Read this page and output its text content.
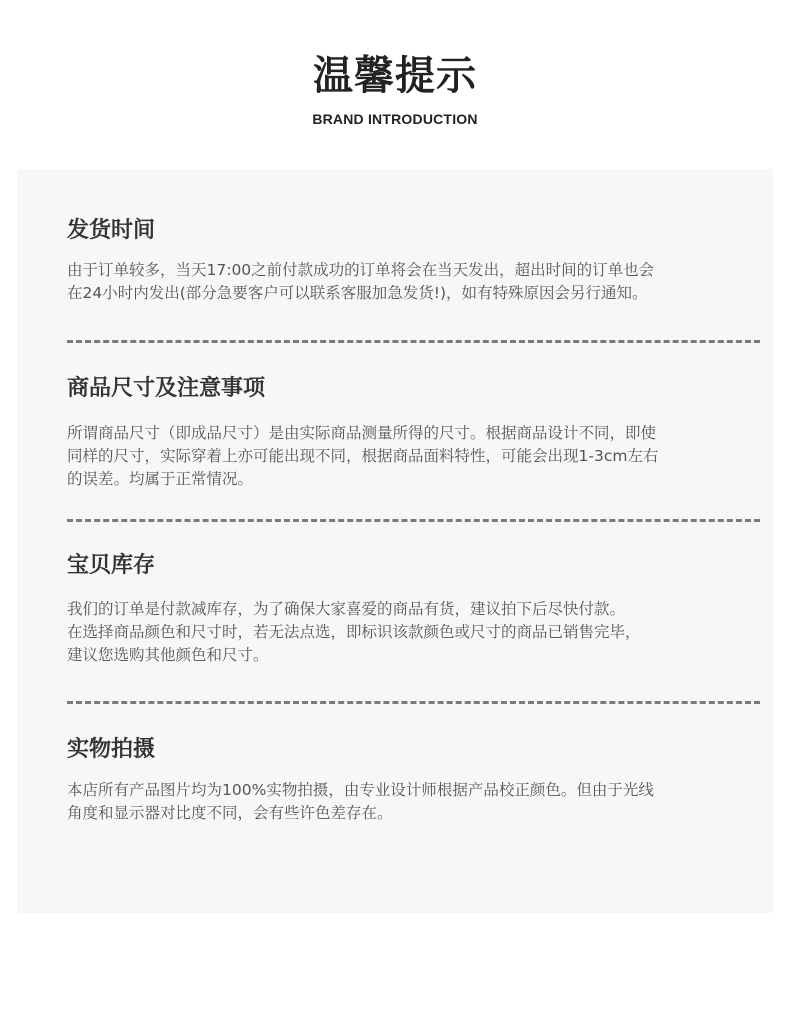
温馨提示
BRAND INTRODUCTION
发货时间
由于订单较多，当天17:00之前付款成功的订单将会在当天发出，超出时间的订单也会
在24小时内发出(部分急要客户可以联系客服加急发货!)，如有特殊原因会另行通知。
商品尺寸及注意事项
所谓商品尺寸（即成品尺寸）是由实际商品测量所得的尺寸。根据商品设计不同，即使
同样的尺寸，实际穿着上亦可能出现不同，根据商品面料特性，可能会出现1-3cm左右
的误差。均属于正常情况。
宝贝库存
我们的订单是付款减库存，为了确保大家喜爱的商品有货，建议拍下后尽快付款。
在选择商品颜色和尺寸时，若无法点选，即标识该款颜色或尺寸的商品已销售完毕，
建议您选购其他颜色和尺寸。
实物拍摄
本店所有产品图片均为100%实物拍摄，由专业设计师根据产品校正颜色。但由于光线
角度和显示器对比度不同，会有些许色差存在。
